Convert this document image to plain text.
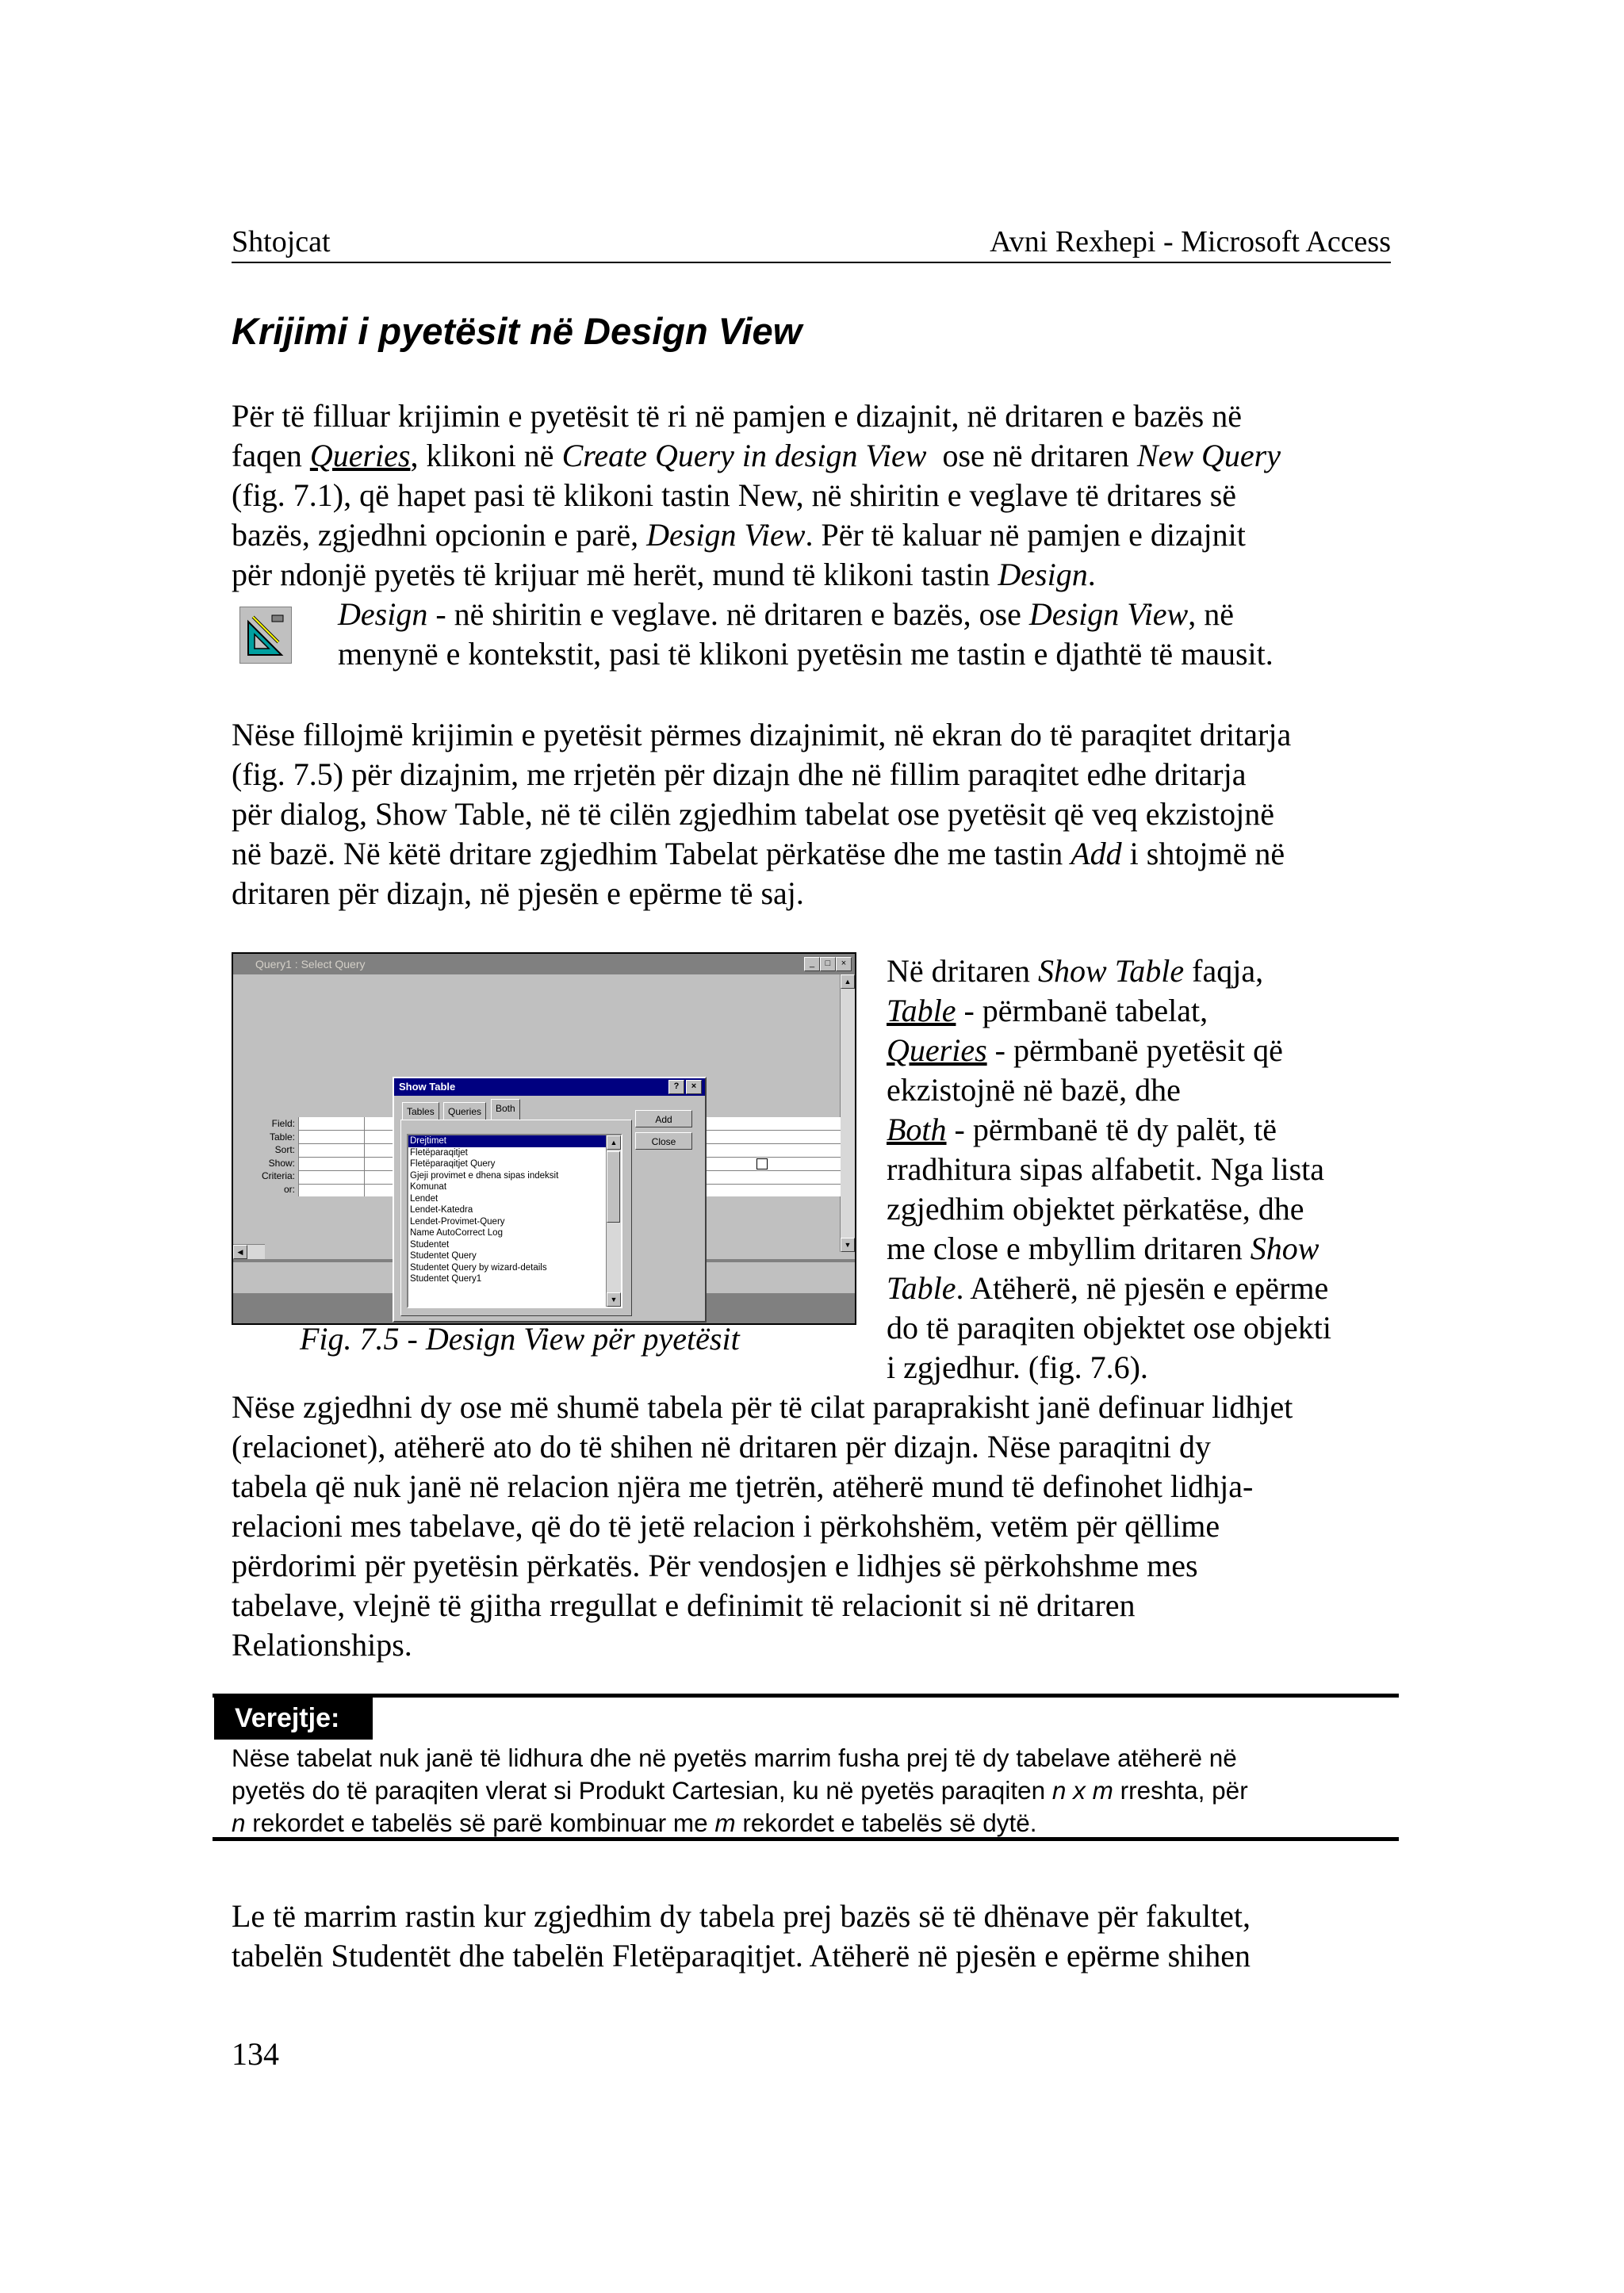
Shtojcat	Avni Rexhepi - Microsoft Access
Krijimi i pyetësit në Design View
Për të filluar krijimin e pyetësit të ri në pamjen e dizajnit, në dritaren e bazës në
faqen Queries, klikoni në Create Query in design View  ose në dritaren New Query
(fig. 7.1), që hapet pasi të klikoni tastin New, në shiritin e veglave të dritares së
bazës, zgjedhni opcionin e parë, Design View. Për të kaluar në pamjen e dizajnit
për ndonjë pyetës të krijuar më herët, mund të klikoni tastin Design.
Design - në shiritin e veglave. në dritaren e bazës, ose Design View, në
menynë e kontekstit, pasi të klikoni pyetësin me tastin e djathtë të mausit.
Nëse fillojmë krijimin e pyetësit përmes dizajnimit, në ekran do të paraqitet dritarja
(fig. 7.5) për dizajnim, me rrjetën për dizajn dhe në fillim paraqitet edhe dritarja
për dialog, Show Table, në të cilën zgjedhim tabelat ose pyetësit që veq ekzistojnë
në bazë. Në këtë dritare zgjedhim Tabelat përkatëse dhe me tastin Add i shtojmë në
dritaren për dizajn, në pjesën e epërme të saj.
Query1 : Select Query	_	□	×
▲
▼
◀
Field:
Table:
Sort:
Show:
Criteria:
or:
Show Table	?	×
Tables	Queries	Both
Drejtimet
Fletëparaqitjet
Fletëparaqitjet Query
Gjeji provimet e dhena sipas indeksit
Komunat
Lendet
Lendet-Katedra
Lendet-Provimet-Query
Name AutoCorrect Log
Studentet
Studentet Query
Studentet Query by wizard-details
Studentet Query1
▲
▼
Add
Close
Fig. 7.5 - Design View për pyetësit
Në dritaren Show Table faqja,
Table - përmbanë tabelat,
Queries - përmbanë pyetësit që
ekzistojnë në bazë, dhe
Both - përmbanë të dy palët, të
rradhitura sipas alfabetit. Nga lista
zgjedhim objektet përkatëse, dhe
me close e mbyllim dritaren Show
Table. Atëherë, në pjesën e epërme
do të paraqiten objektet ose objekti
i zgjedhur. (fig. 7.6).
Nëse zgjedhni dy ose më shumë tabela për të cilat paraprakisht janë definuar lidhjet
(relacionet), atëherë ato do të shihen në dritaren për dizajn. Nëse paraqitni dy
tabela që nuk janë në relacion njëra me tjetrën, atëherë mund të definohet lidhja-
relacioni mes tabelave, që do të jetë relacion i përkohshëm, vetëm për qëllime
përdorimi për pyetësin përkatës. Për vendosjen e lidhjes së përkohshme mes
tabelave, vlejnë të gjitha rregullat e definimit të relacionit si në dritaren
Relationships.
Verejtje:
Nëse tabelat nuk janë të lidhura dhe në pyetës marrim fusha prej të dy tabelave atëherë në
pyetës do të paraqiten vlerat si Produkt Cartesian, ku në pyetës paraqiten n x m rreshta, për
n rekordet e tabelës së parë kombinuar me m rekordet e tabelës së dytë.
Le të marrim rastin kur zgjedhim dy tabela prej bazës së të dhënave për fakultet,
tabelën Studentët dhe tabelën Fletëparaqitjet. Atëherë në pjesën e epërme shihen
134
